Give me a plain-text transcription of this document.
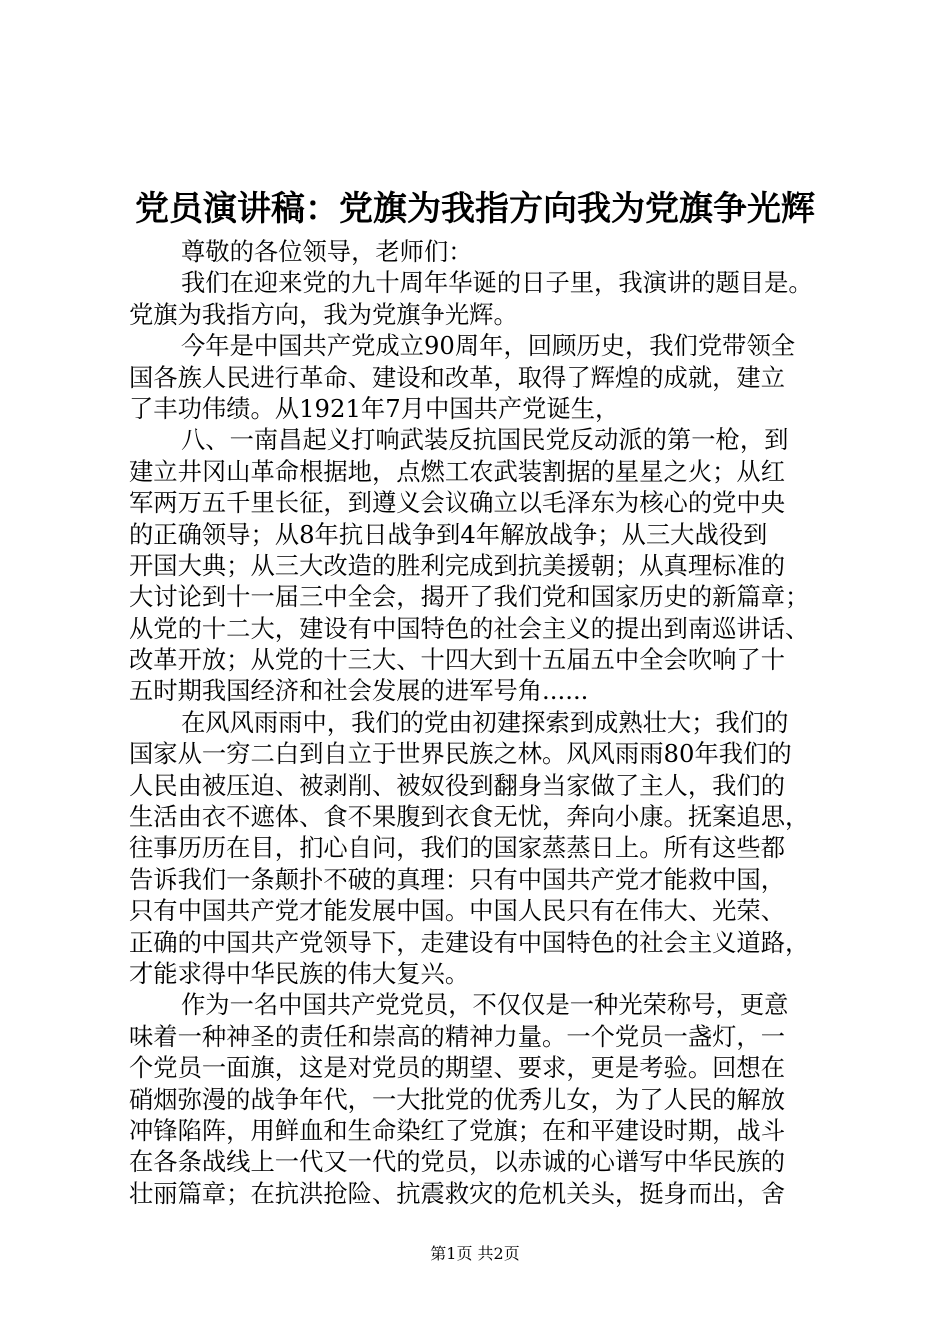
党员演讲稿：党旗为我指方向我为党旗争光辉
尊敬的各位领导，老师们：
我们在迎来党的九十周年华诞的日子里，我演讲的题目是。
党旗为我指方向，我为党旗争光辉。
今年是中国共产党成立90周年，回顾历史，我们党带领全
国各族人民进行革命、建设和改革，取得了辉煌的成就，建立
了丰功伟绩。从1921年7月中国共产党诞生，
八、一南昌起义打响武装反抗国民党反动派的第一枪，到
建立井冈山革命根据地，点燃工农武装割据的星星之火；从红
军两万五千里长征，到遵义会议确立以毛泽东为核心的党中央
的正确领导；从8年抗日战争到4年解放战争；从三大战役到
开国大典；从三大改造的胜利完成到抗美援朝；从真理标准的
大讨论到十一届三中全会，揭开了我们党和国家历史的新篇章；
从党的十二大，建设有中国特色的社会主义的提出到南巡讲话、
改革开放；从党的十三大、十四大到十五届五中全会吹响了十
五时期我国经济和社会发展的进军号角......
在风风雨雨中，我们的党由初建探索到成熟壮大；我们的
国家从一穷二白到自立于世界民族之林。风风雨雨80年我们的
人民由被压迫、被剥削、被奴役到翻身当家做了主人，我们的
生活由衣不遮体、食不果腹到衣食无忧，奔向小康。抚案追思，
往事历历在目，扪心自问，我们的国家蒸蒸日上。所有这些都
告诉我们一条颠扑不破的真理：只有中国共产党才能救中国，
只有中国共产党才能发展中国。中国人民只有在伟大、光荣、
正确的中国共产党领导下，走建设有中国特色的社会主义道路，
才能求得中华民族的伟大复兴。
作为一名中国共产党党员，不仅仅是一种光荣称号，更意
味着一种神圣的责任和崇高的精神力量。一个党员一盏灯，一
个党员一面旗，这是对党员的期望、要求，更是考验。回想在
硝烟弥漫的战争年代，一大批党的优秀儿女，为了人民的解放
冲锋陷阵，用鲜血和生命染红了党旗；在和平建设时期，战斗
在各条战线上一代又一代的党员，以赤诚的心谱写中华民族的
壮丽篇章；在抗洪抢险、抗震救灾的危机关头，挺身而出，舍
第1页 共2页
